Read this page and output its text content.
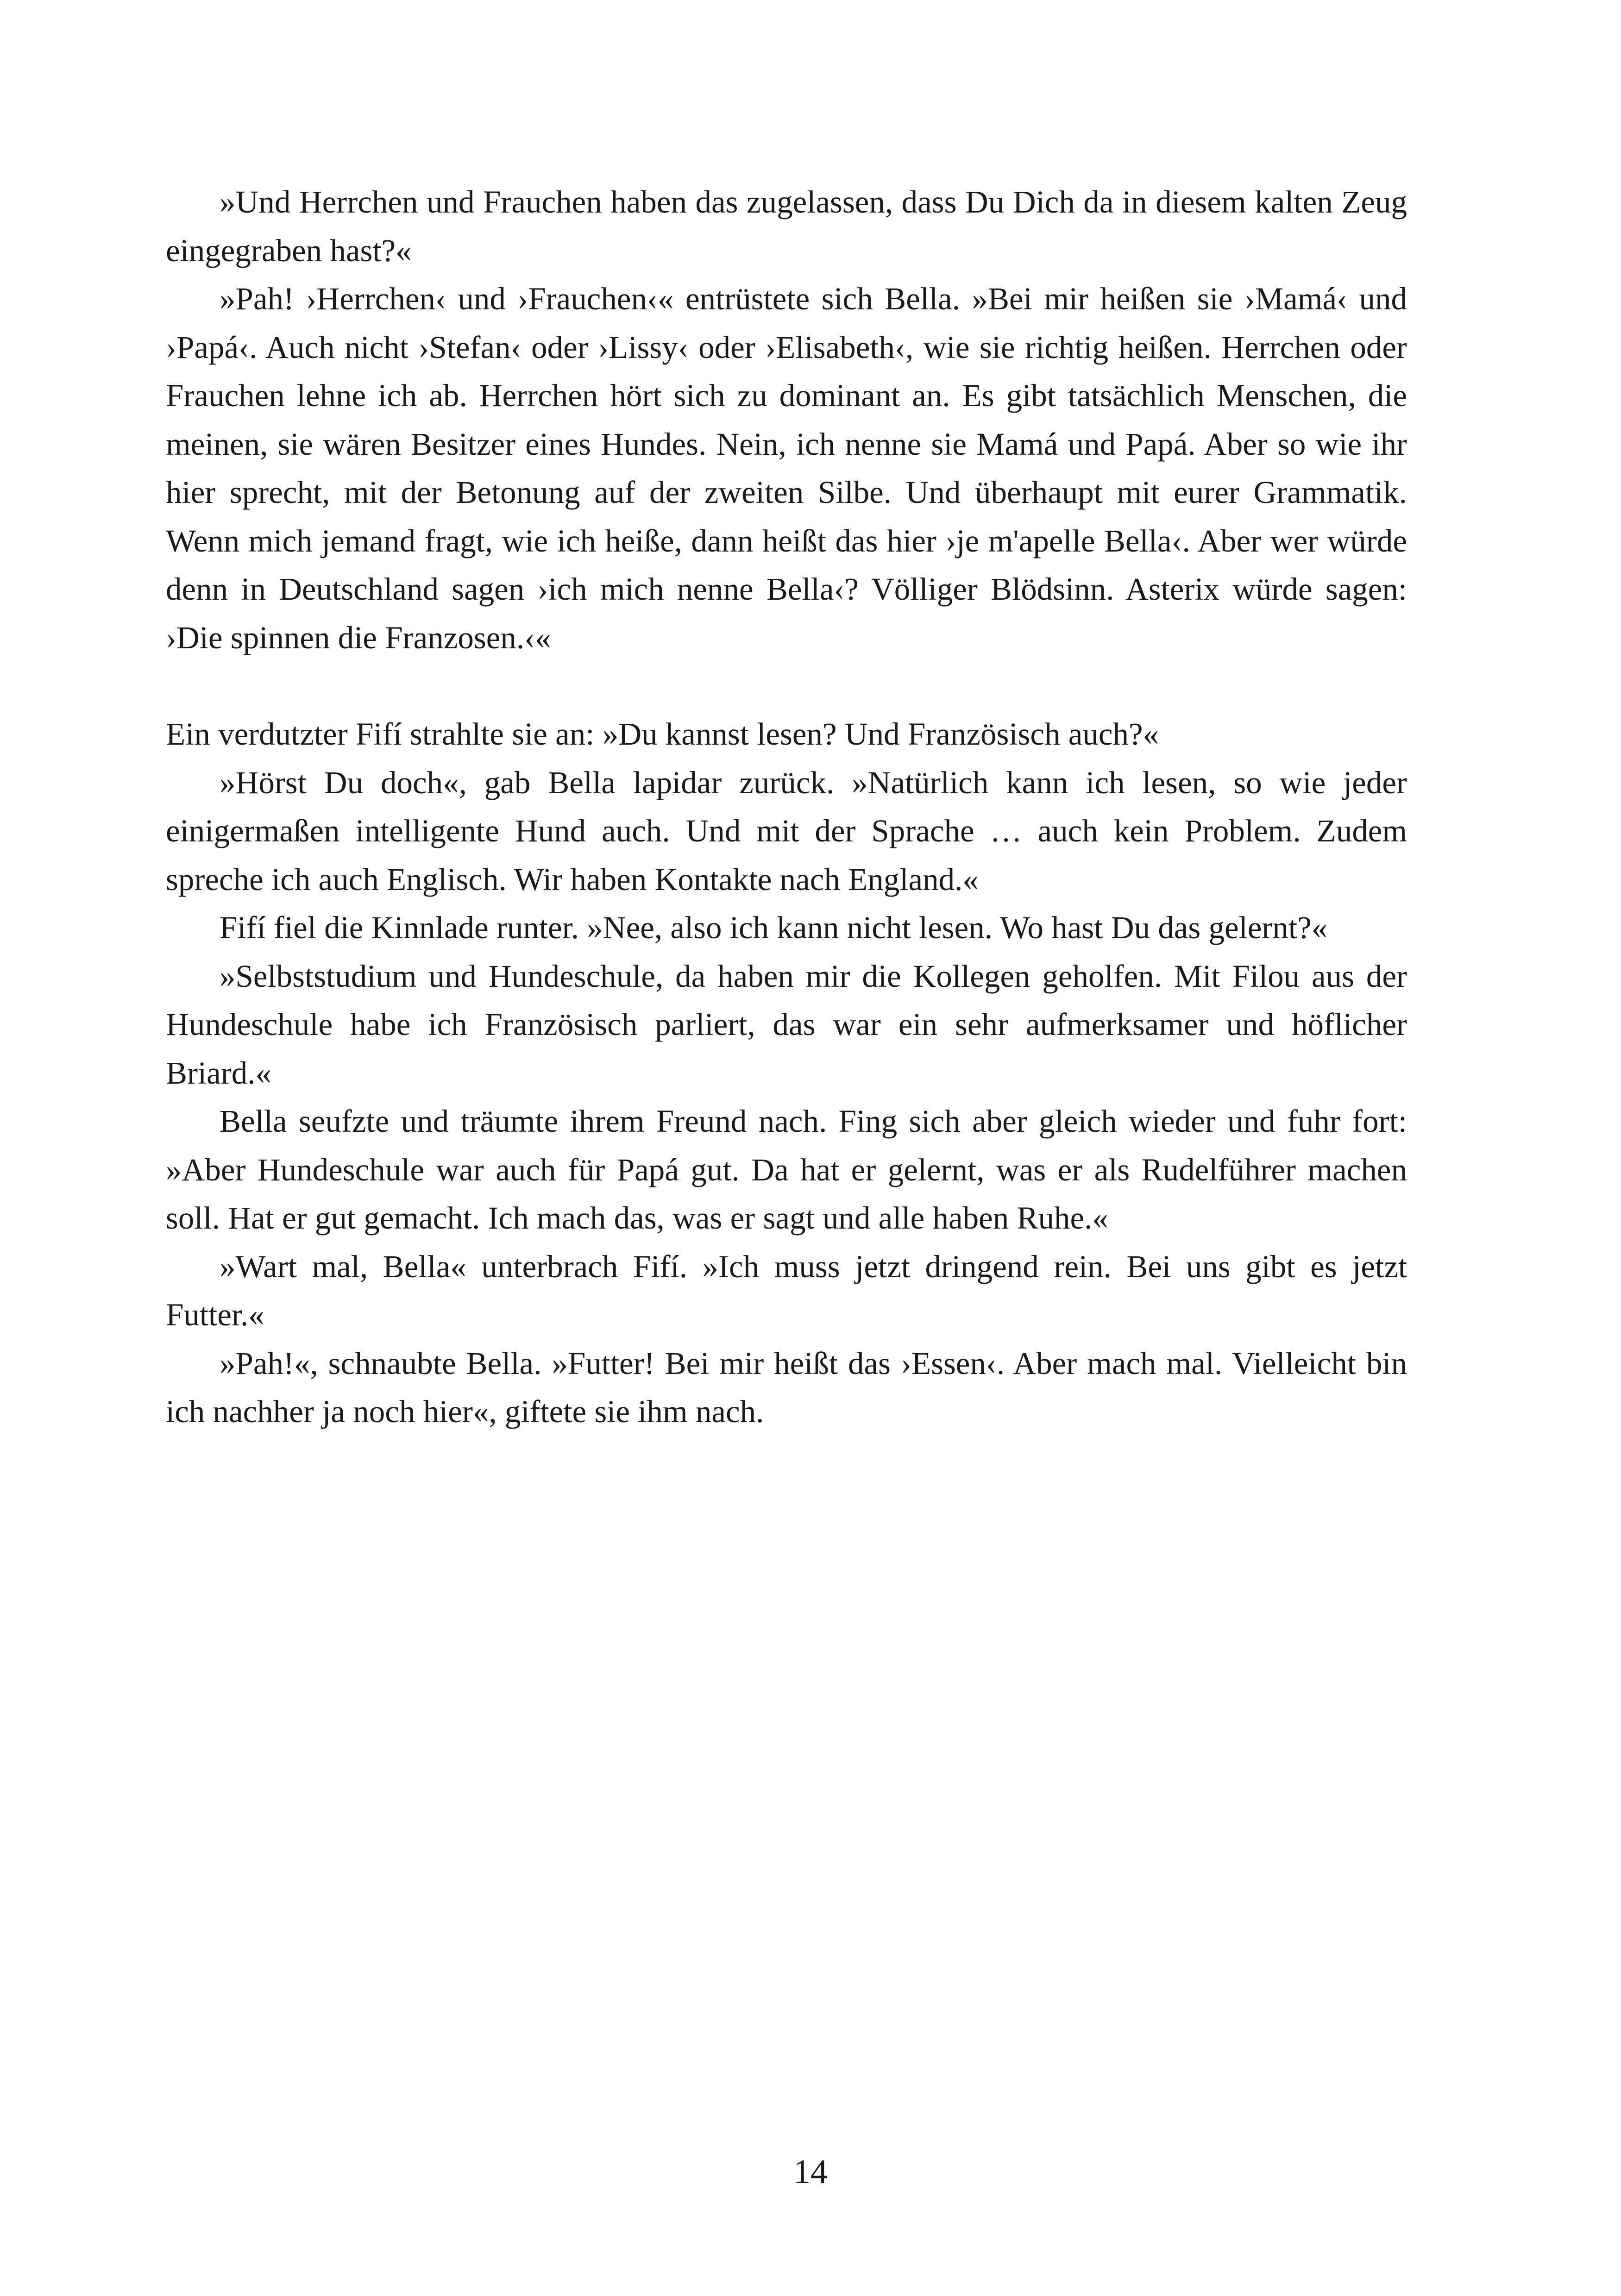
»Und Herrchen und Frauchen haben das zugelassen, dass Du Dich da in diesem kalten Zeug eingegraben hast?«

»Pah! ›Herrchen‹ und ›Frauchen‹« entrüstete sich Bella. »Bei mir heißen sie ›Mamá‹ und ›Papá‹. Auch nicht ›Stefan‹ oder ›Lissy‹ oder ›Elisabeth‹, wie sie richtig heißen. Herrchen oder Frauchen lehne ich ab. Herrchen hört sich zu dominant an. Es gibt tatsächlich Menschen, die meinen, sie wären Besitzer eines Hundes. Nein, ich nenne sie Mamá und Papá. Aber so wie ihr hier sprecht, mit der Betonung auf der zweiten Silbe. Und überhaupt mit eurer Grammatik. Wenn mich jemand fragt, wie ich heiße, dann heißt das hier ›je m'apelle Bella‹. Aber wer würde denn in Deutschland sagen ›ich mich nenne Bella‹? Völliger Blödsinn. Asterix würde sagen: ›Die spinnen die Franzosen.‹«

Ein verdutzter Fifí strahlte sie an: »Du kannst lesen? Und Französisch auch?«

»Hörst Du doch«, gab Bella lapidar zurück. »Natürlich kann ich lesen, so wie jeder einigermaßen intelligente Hund auch. Und mit der Sprache … auch kein Problem. Zudem spreche ich auch Englisch. Wir haben Kontakte nach England.«

Fifí fiel die Kinnlade runter. »Nee, also ich kann nicht lesen. Wo hast Du das gelernt?«

»Selbststudium und Hundeschule, da haben mir die Kollegen geholfen. Mit Filou aus der Hundeschule habe ich Französisch parliert, das war ein sehr aufmerksamer und höflicher Briard.«

Bella seufzte und träumte ihrem Freund nach. Fing sich aber gleich wieder und fuhr fort: »Aber Hundeschule war auch für Papá gut. Da hat er gelernt, was er als Rudelführer machen soll. Hat er gut gemacht. Ich mach das, was er sagt und alle haben Ruhe.«

»Wart mal, Bella« unterbrach Fifí. »Ich muss jetzt dringend rein. Bei uns gibt es jetzt Futter.«

»Pah!«, schnaubte Bella. »Futter! Bei mir heißt das ›Essen‹. Aber mach mal. Vielleicht bin ich nachher ja noch hier«, giftete sie ihm nach.

14
